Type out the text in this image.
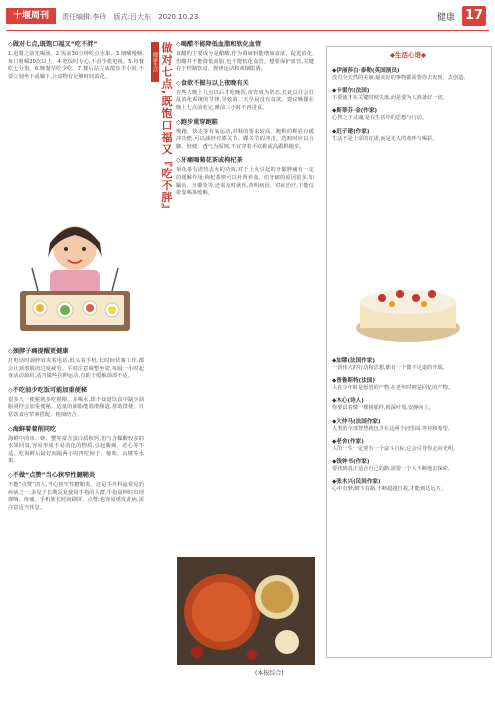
十堰周刊	责任编辑:李玲 版式:吕大东 2020.10.23	健康 17
◇做对七点,既饱口福又“吃不胖”

1.进餐之前先喝汤。2.饭前30分钟吃点水果。3.细嚼慢咽,每口咀嚼20次以上。4.吃饭时专心,不看手机电视。5.每餐吃七分饱。6.晚餐早吃少吃。7.餐后站立或散步半小时,不要立刻坐下或躺下,让食物有足够时间消化。

健康生活 做对七点,既饱口福又『吃不胖』 ◇喝醋不能降低血脂和软化血管

食醋的主要成分是醋酸,作为调味料能增加食欲、促进消化,但醋并不能降低血脂,也不能软化血管。想要保护血管,关键在于控制饮食、规律运动和戒烟限酒。

◇食欲不振与以上夜晚有关

有些人晚上九点以后才吃晚饭,夜宵成为常态,长此以往会打乱消化系统的节律,导致第二天早晨没有食欲。建议晚餐在晚上七点前吃完,睡前三小时不再进食。

◇跑步重穿跑鞋

慢跑、快走等有氧运动,对鞋的要求较高。跑鞋的鞋底有缓冲功能,可以减轻对膝关节、踝关节的冲击。选购时应以合脚、轻便、透气为原则,不宜穿着平底鞋或高跟鞋跑步。

◇牙痛喝菊花茶或枸杞茶

菊花茶有清热去火的功效,对于上火引起的牙龈肿痛有一定的缓解作用;枸杞茶则可以补肾养血。但牙痛的原因很多,如龋齿、牙髓炎等,还需及时就医,查明病因、对症治疗,不能仅依靠喝茶缓解。

◇颈脖子痛提醒更健康

打电话时颈脖肩夹着电话,低头看手机,长时间伏案工作,都会让颈部肌肉过度疲劳。平时注意调整坐姿,每隔一小时起身活动颈肩,适当做些拉伸运动,有助于缓解颈部不适。

◇不吃油少吃饭可能加重便秘

很多人一便秘就多吃粗粮、多喝水,却不知道饮食中缺少油脂同样会加重便秘。适量的油脂能润滑肠道,帮助排便。日常饮食应荤素搭配、粗细结合。

◇海鲜着着削同吃

海鲜中的鱼、虾、蟹等富含蛋白质和钙,但与含鞣酸较多的水果同食,容易形成不易消化的物质,引起腹痛、恶心等不适。吃海鲜后最好间隔两小时再吃柿子、葡萄、山楂等水果。

◇不做“点赞”当心狭窄性腱鞘炎

不能“点赞”的人,当心狭窄性腱鞘炎。这是手外科最常见的疾病之一,多见于长期反复使用手指的人群,手指屈伸时出现弹响、疼痛。手机族长时间刷屏、点赞,也容易诱发此病,需注意适当休息。

◆生活心语◆
◆伊丽莎白·泰勒(英国演员)

没有全天然的美丽,最美好的事物都需要你去发现、去创造。

◆卡雷尔(法国)

不要使才在关键时刻失落,而是要为人准备好一切。

◆斯蒂芬·金(作家)

心智之于灵魂,是在生活中的思想与行动。

◆迟子建(作家)

生活不是上帝的许诺,而是无人的欢呼与喝彩。

◆加缪(法国作家)

一切伟大的行动和思想,都有一个微不足道的开端。

◆普鲁斯特(法国)

人在少年时是愿望的产物,在老年时则是回忆的产物。

◆木心(诗人)

你要试着像一棵树那样,根深叶茂,安静向上。

◆大仲马(法国作家)

人类的全部智慧就包含在这两个词里面:等待和希望。

◆老舍(作家)

人的一生一定要有一个奋斗目标,它会引导你走向光明。

◆钱钟书(作家)

要找到真正适合自己的路,需要一个人不断地去探索。

◆张木兴(民间作家)

心中有梦,脚下有路,不断超越自我,才能到达远方。

(本报综合)
